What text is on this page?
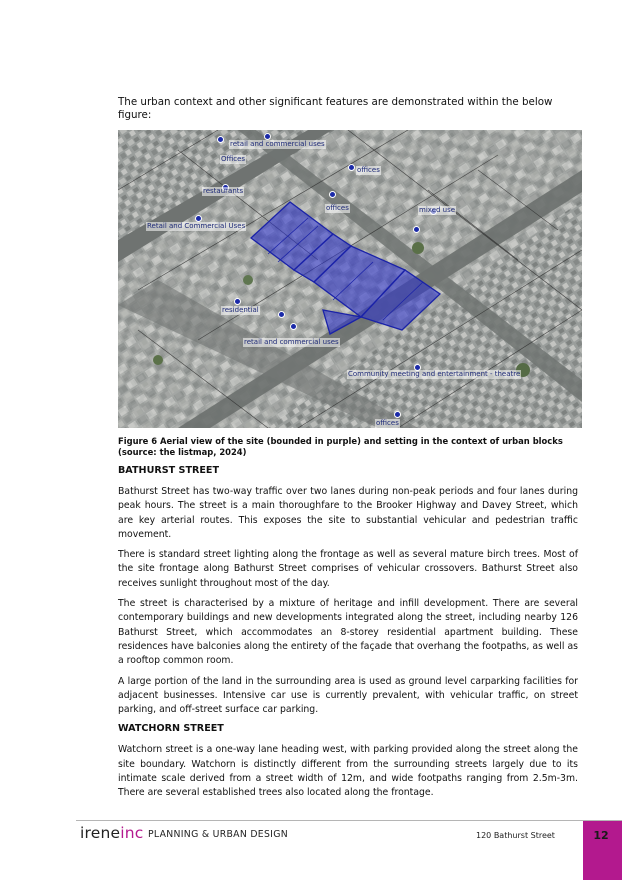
The urban context and other significant features are demonstrated within the below figure:

retail and commercial uses
Offices
offices
restaurants
offices	mixed use
Retail and Commercial Uses
residential
retail and commercial uses
Community meeting and entertainment - theatre
offices

Figure 6 Aerial view of the site (bounded in purple) and setting in the context of urban blocks (source: the listmap, 2024)

BATHURST STREET

Bathurst Street has two-way traffic over two lanes during non-peak periods and four lanes during peak hours. The street is a main thoroughfare to the Brooker Highway and Davey Street, which are key arterial routes. This exposes the site to substantial vehicular and pedestrian traffic movement.

There is standard street lighting along the frontage as well as several mature birch trees. Most of the site frontage along Bathurst Street comprises of vehicular crossovers. Bathurst Street also receives sunlight throughout most of the day.

The street is characterised by a mixture of heritage and infill development. There are several contemporary buildings and new developments integrated along the street, including nearby 126 Bathurst Street, which accommodates an 8-storey residential apartment building. These residences have balconies along the entirety of the façade that overhang the footpaths, as well as a rooftop common room.

A large portion of the land in the surrounding area is used as ground level carparking facilities for adjacent businesses. Intensive car use is currently prevalent, with vehicular traffic, on street parking, and off-street surface car parking.

WATCHORN STREET

Watchorn street is a one-way lane heading west, with parking provided along the street along the site boundary. Watchorn is distinctly different from the surrounding streets largely due to its intimate scale derived from a street width of 12m, and wide footpaths ranging from 2.5m-3m. There are several established trees also located along the frontage.

ireneinc PLANNING & URBAN DESIGN	120 Bathurst Street	12
